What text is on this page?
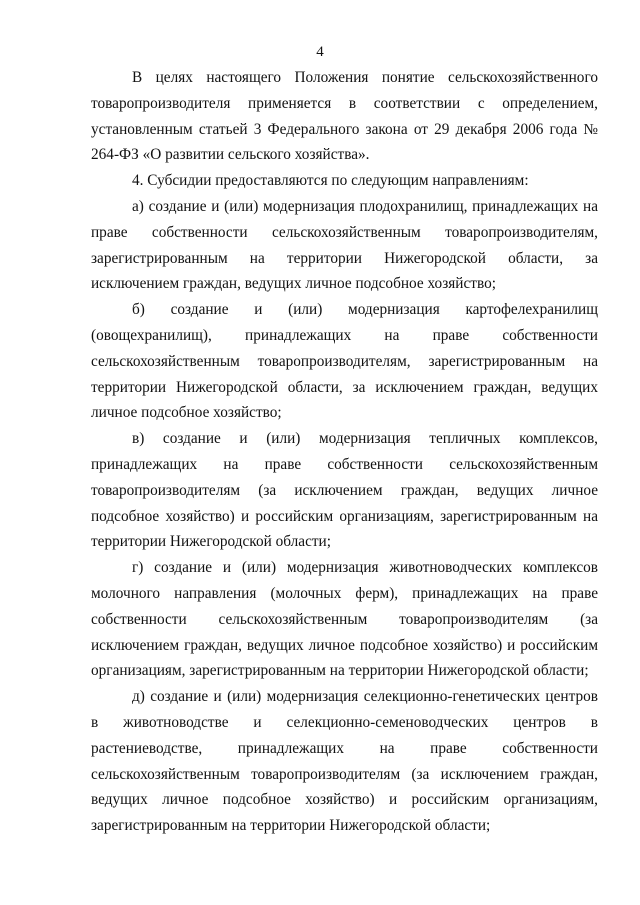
4

В целях настоящего Положения понятие сельскохозяйственного товаропроизводителя применяется в соответствии с определением, установленным статьей 3 Федерального закона от 29 декабря 2006 года № 264-ФЗ «О развитии сельского хозяйства».

4. Субсидии предоставляются по следующим направлениям:

а) создание и (или) модернизация плодохранилищ, принадлежащих на праве собственности сельскохозяйственным товаропроизводителям, зарегистрированным на территории Нижегородской области, за исключением граждан, ведущих личное подсобное хозяйство;

б) создание и (или) модернизация картофелехранилищ (овощехранилищ), принадлежащих на праве собственности сельскохозяйственным товаропроизводителям, зарегистрированным на территории Нижегородской области, за исключением граждан, ведущих личное подсобное хозяйство;

в) создание и (или) модернизация тепличных комплексов, принадлежащих на праве собственности сельскохозяйственным товаропроизводителям (за исключением граждан, ведущих личное подсобное хозяйство) и российским организациям, зарегистрированным на территории Нижегородской области;

г) создание и (или) модернизация животноводческих комплексов молочного направления (молочных ферм), принадлежащих на праве собственности сельскохозяйственным товаропроизводителям (за исключением граждан, ведущих личное подсобное хозяйство) и российским организациям, зарегистрированным на территории Нижегородской области;

д) создание и (или) модернизация селекционно-генетических центров в животноводстве и селекционно-семеноводческих центров в растениеводстве, принадлежащих на праве собственности сельскохозяйственным товаропроизводителям (за исключением граждан, ведущих личное подсобное хозяйство) и российским организациям, зарегистрированным на территории Нижегородской области;
